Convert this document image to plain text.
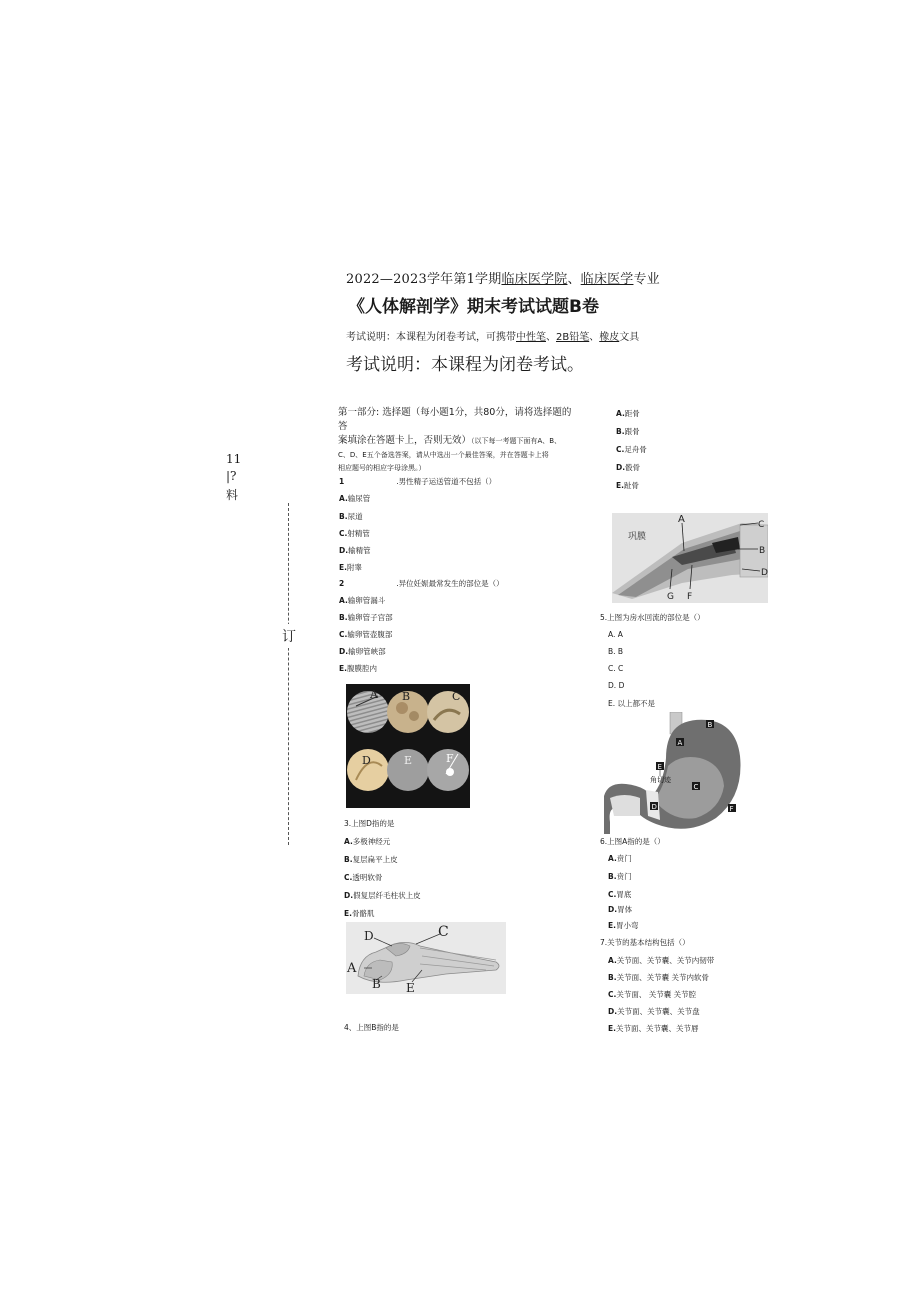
2022—2023学年第1学期临床医学院、临床医学专业
《人体解剖学》期末考试试题B卷
考试说明：本课程为闭卷考试，可携带中性笔、2B铅笔、橡皮文具
考试说明：本课程为闭卷考试。
11
|?
料
订
第一部分: 选择题（每小题1分，共80分，请将选择题的答
案填涂在答题卡上，否则无效）（以下每一考题下面有A、B、
C、D、E五个备选答案，请从中选出一个最佳答案，并在答题卡上将
相应题号的相应字母涂黑。）
1	.男性精子运送管道不包括（）
A.输尿管
B.尿道
C.射精管
D.输精管
E.附睾
2	.异位妊娠最常发生的部位是（）
A.输卵管漏斗
B.输卵管子宫部
C.输卵管壶腹部
D.输卵管峡部
E.腹膜腔内
A B	C
D	E	F
3.上图D指的是
A.多极神经元
B.复层扁平上皮
C.透明软骨
D.假复层纤毛柱状上皮
E.骨骼肌
D	C
A
B E
4、上图B指的是
A.距骨
B.跟骨
C.足舟骨
D.骰骨
E.趾骨
巩膜
A	C
B
D
G F
5.上图为房水回流的部位是（）
A. A
B. B
C. C
D. D
E. 以上都不是
B
A
E
角切迹
C
D	F
6.上图A指的是（）
A.贲门
B.贲门
C.胃底
D.胃体
E.胃小弯
7.关节的基本结构包括（）
A.关节面、关节囊、关节内韧带
B.关节面、关节囊 关节内软骨
C.关节面、 关节囊 关节腔
D.关节面、关节囊、关节盘
E.关节面、关节囊、关节唇
